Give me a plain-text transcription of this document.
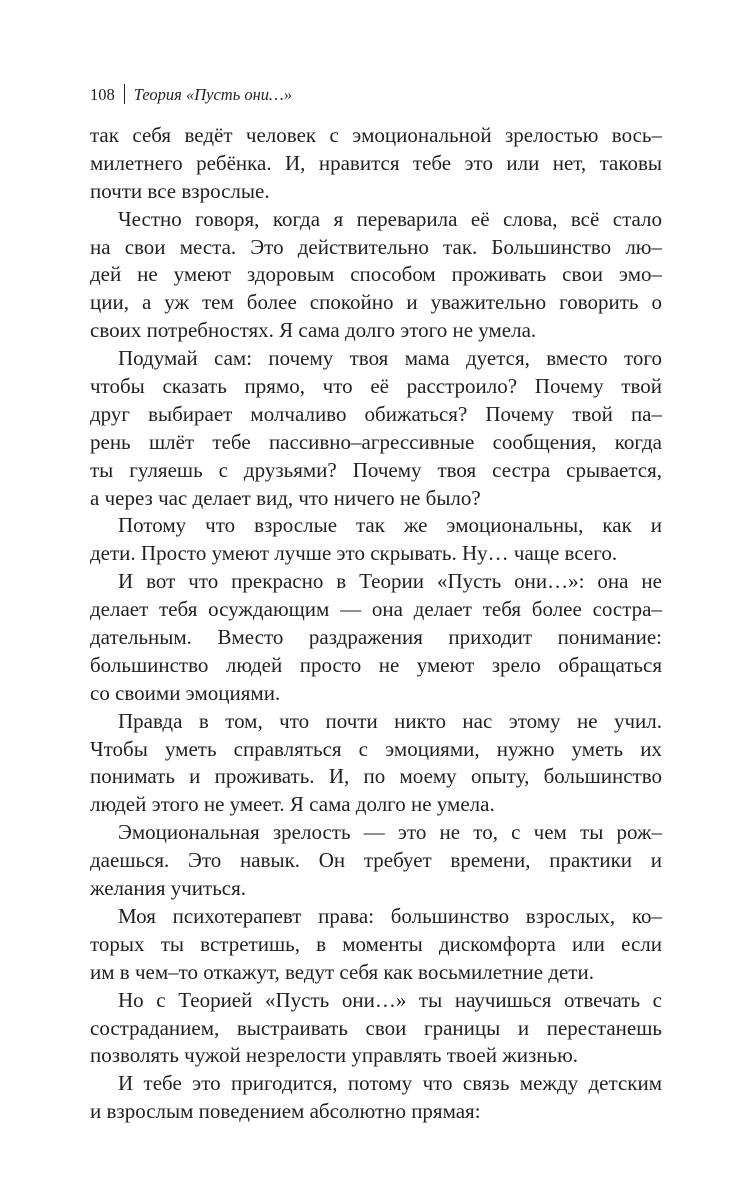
108 Теория «Пусть они…»
так себя ведёт человек с эмоциональной зрелостью вось–
милетнего ребёнка. И, нравится тебе это или нет, таковы
почти все взрослые.
Честно говоря, когда я переварила её слова, всё стало
на свои места. Это действительно так. Большинство лю–
дей не умеют здоровым способом проживать свои эмо–
ции, а уж тем более спокойно и уважительно говорить о
своих потребностях. Я сама долго этого не умела.
Подумай сам: почему твоя мама дуется, вместо того
чтобы сказать прямо, что её расстроило? Почему твой
друг выбирает молчаливо обижаться? Почему твой па–
рень шлёт тебе пассивно–агрессивные сообщения, когда
ты гуляешь с друзьями? Почему твоя сестра срывается,
а через час делает вид, что ничего не было?
Потому что взрослые так же эмоциональны, как и
дети. Просто умеют лучше это скрывать. Ну… чаще всего.
И вот что прекрасно в Теории «Пусть они…»: она не
делает тебя осуждающим — она делает тебя более состра–
дательным. Вместо раздражения приходит понимание:
большинство людей просто не умеют зрело обращаться
со своими эмоциями.
Правда в том, что почти никто нас этому не учил.
Чтобы уметь справляться с эмоциями, нужно уметь их
понимать и проживать. И, по моему опыту, большинство
людей этого не умеет. Я сама долго не умела.
Эмоциональная зрелость — это не то, с чем ты рож–
даешься. Это навык. Он требует времени, практики и
желания учиться.
Моя психотерапевт права: большинство взрослых, ко–
торых ты встретишь, в моменты дискомфорта или если
им в чем–то откажут, ведут себя как восьмилетние дети.
Но с Теорией «Пусть они…» ты научишься отвечать с
состраданием, выстраивать свои границы и перестанешь
позволять чужой незрелости управлять твоей жизнью.
И тебе это пригодится, потому что связь между детским
и взрослым поведением абсолютно прямая:
